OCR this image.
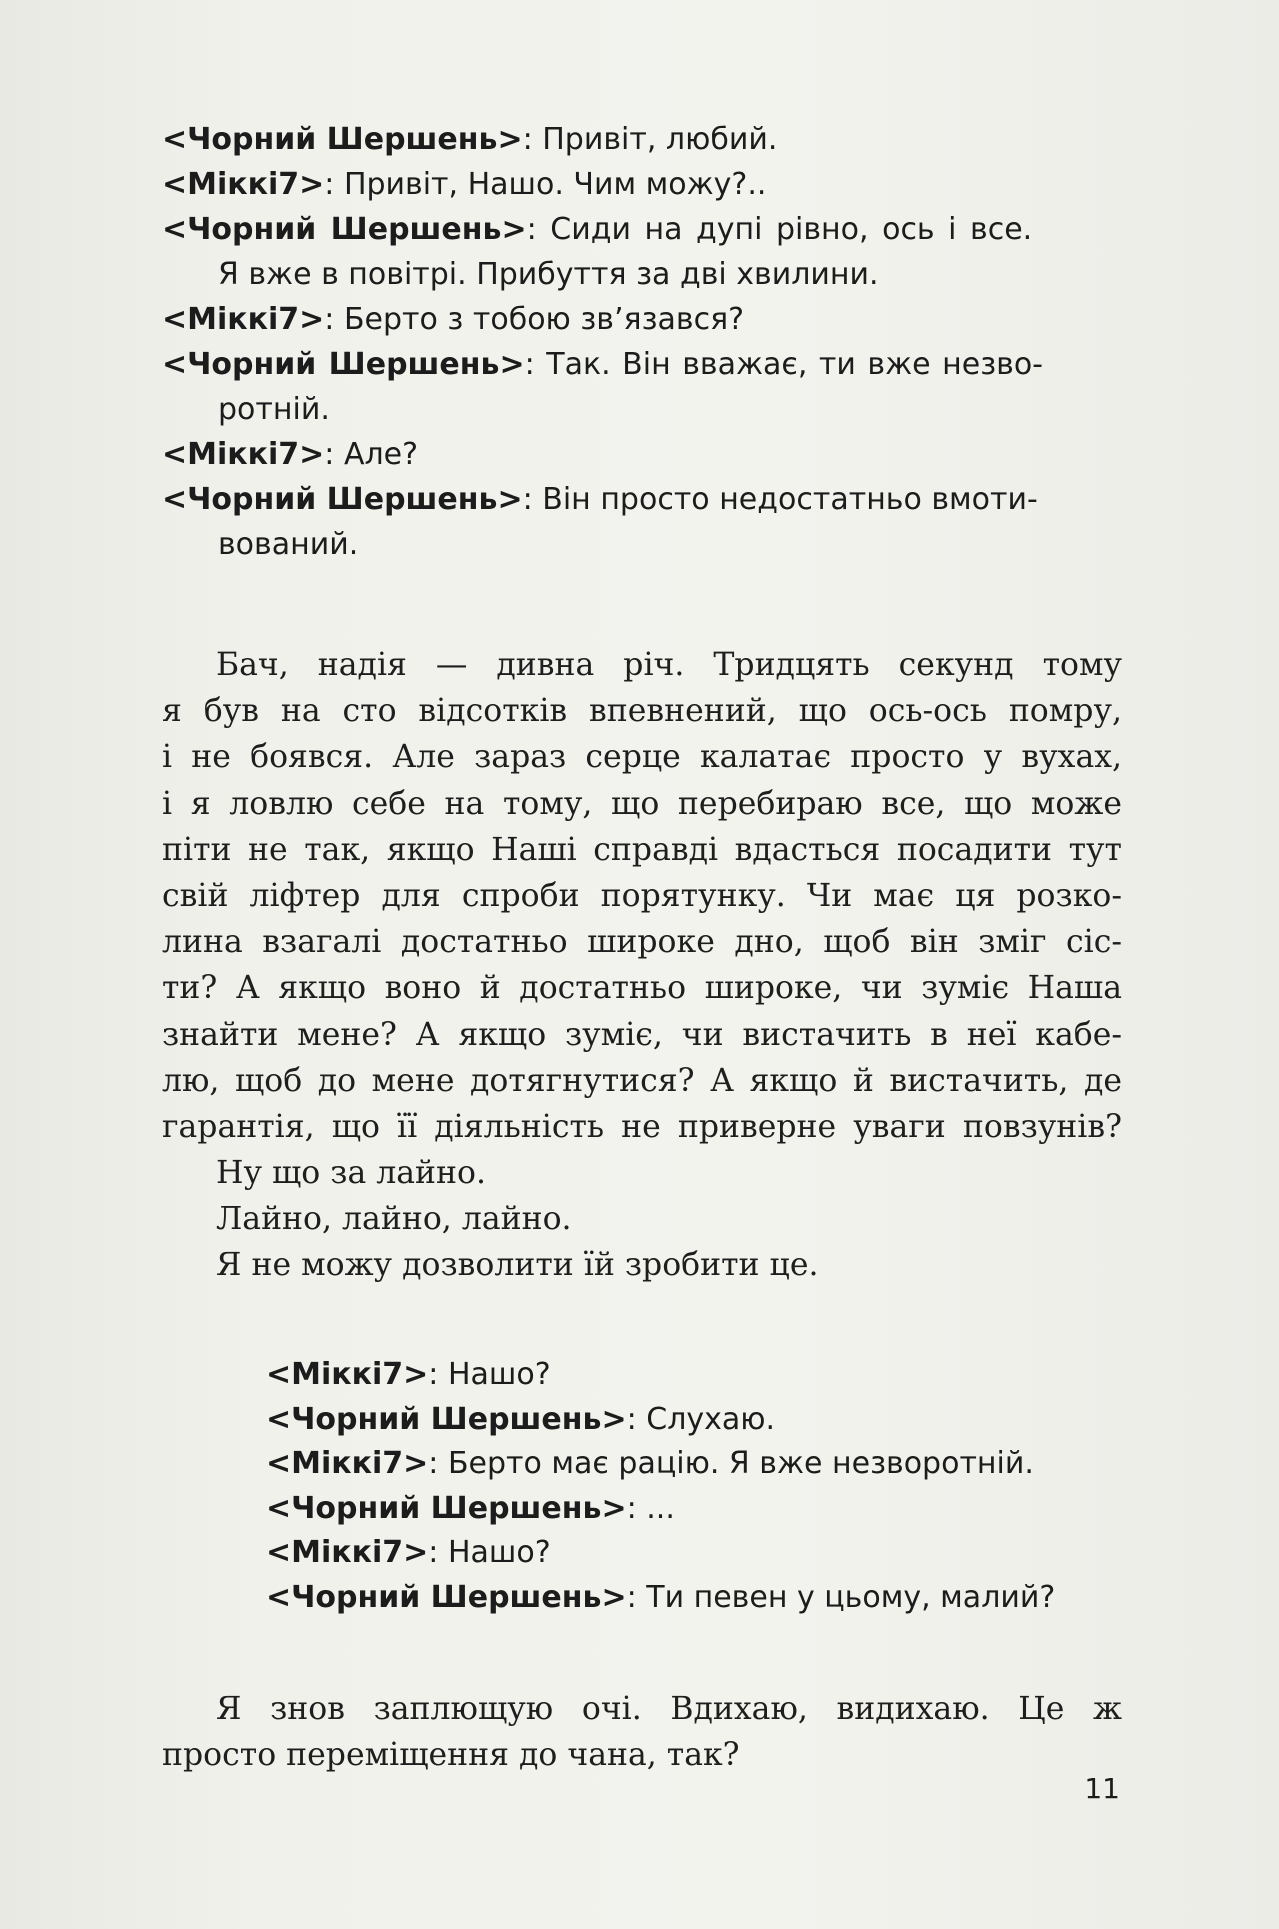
<Чорний Шершень>: Привіт, любий.
<Міккі7>: Привіт, Нашо. Чим можу?..
<Чорний Шершень>: Сиди на дупі рівно, ось і все.
Я вже в повітрі. Прибуття за дві хвилини.
<Міккі7>: Берто з тобою зв’язався?
<Чорний Шершень>: Так. Він вважає, ти вже незво-
ротній.
<Міккі7>: Але?
<Чорний Шершень>: Він просто недостатньо вмоти-
вований.
Бач, надія — дивна річ. Тридцять секунд тому
я був на сто відсотків впевнений, що ось-ось помру,
і не боявся. Але зараз серце калатає просто у вухах,
і я ловлю себе на тому, що перебираю все, що може
піти не так, якщо Наші справді вдасться посадити тут
свій ліфтер для спроби порятунку. Чи має ця розко-
лина взагалі достатньо широке дно, щоб він зміг сіс-
ти? А якщо воно й достатньо широке, чи зуміє Наша
знайти мене? А якщо зуміє, чи вистачить в неї кабе-
лю, щоб до мене дотягнутися? А якщо й вистачить, де
гарантія, що її діяльність не приверне уваги повзунів?
Ну що за лайно.
Лайно, лайно, лайно.
Я не можу дозволити їй зробити це.
<Міккі7>: Нашо?
<Чорний Шершень>: Слухаю.
<Міккі7>: Берто має рацію. Я вже незворотній.
<Чорний Шершень>: ...
<Міккі7>: Нашо?
<Чорний Шершень>: Ти певен у цьому, малий?
Я знов заплющую очі. Вдихаю, видихаю. Це ж
просто переміщення до чана, так?
11
